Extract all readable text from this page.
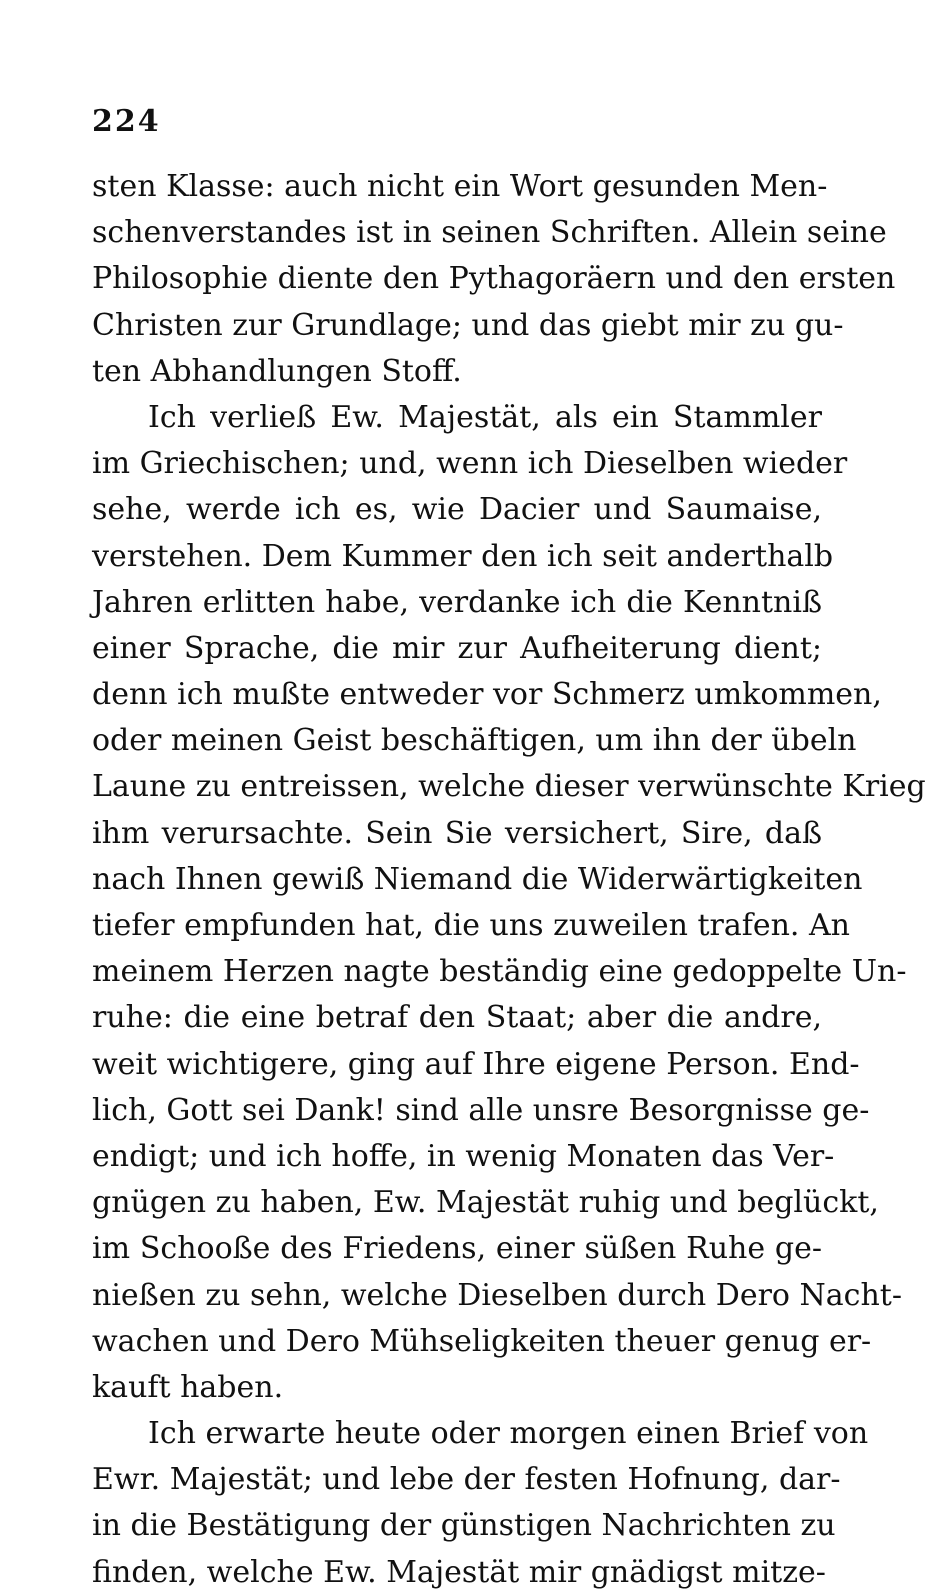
224
sten Klasse: auch nicht ein Wort gesunden Men-
schenverstandes ist in seinen Schriften. Allein seine
Philosophie diente den Pythagoräern und den ersten
Christen zur Grundlage; und das giebt mir zu gu-
ten Abhandlungen Stoff.
Ich verließ Ew. Majestät, als ein Stammler
im Griechischen; und, wenn ich Dieselben wieder
sehe, werde ich es, wie Dacier und Saumaise,
verstehen. Dem Kummer den ich seit anderthalb
Jahren erlitten habe, verdanke ich die Kenntniß
einer Sprache, die mir zur Aufheiterung dient;
denn ich mußte entweder vor Schmerz umkommen,
oder meinen Geist beschäftigen, um ihn der übeln
Laune zu entreissen, welche dieser verwünschte Krieg
ihm verursachte. Sein Sie versichert, Sire, daß
nach Ihnen gewiß Niemand die Widerwärtigkeiten
tiefer empfunden hat, die uns zuweilen trafen. An
meinem Herzen nagte beständig eine gedoppelte Un-
ruhe: die eine betraf den Staat; aber die andre,
weit wichtigere, ging auf Ihre eigene Person. End-
lich, Gott sei Dank! sind alle unsre Besorgnisse ge-
endigt; und ich hoffe, in wenig Monaten das Ver-
gnügen zu haben, Ew. Majestät ruhig und beglückt,
im Schooße des Friedens, einer süßen Ruhe ge-
nießen zu sehn, welche Dieselben durch Dero Nacht-
wachen und Dero Mühseligkeiten theuer genug er-
kauft haben.
Ich erwarte heute oder morgen einen Brief von
Ewr. Majestät; und lebe der festen Hofnung, dar-
in die Bestätigung der günstigen Nachrichten zu
finden, welche Ew. Majestät mir gnädigst mitze-
